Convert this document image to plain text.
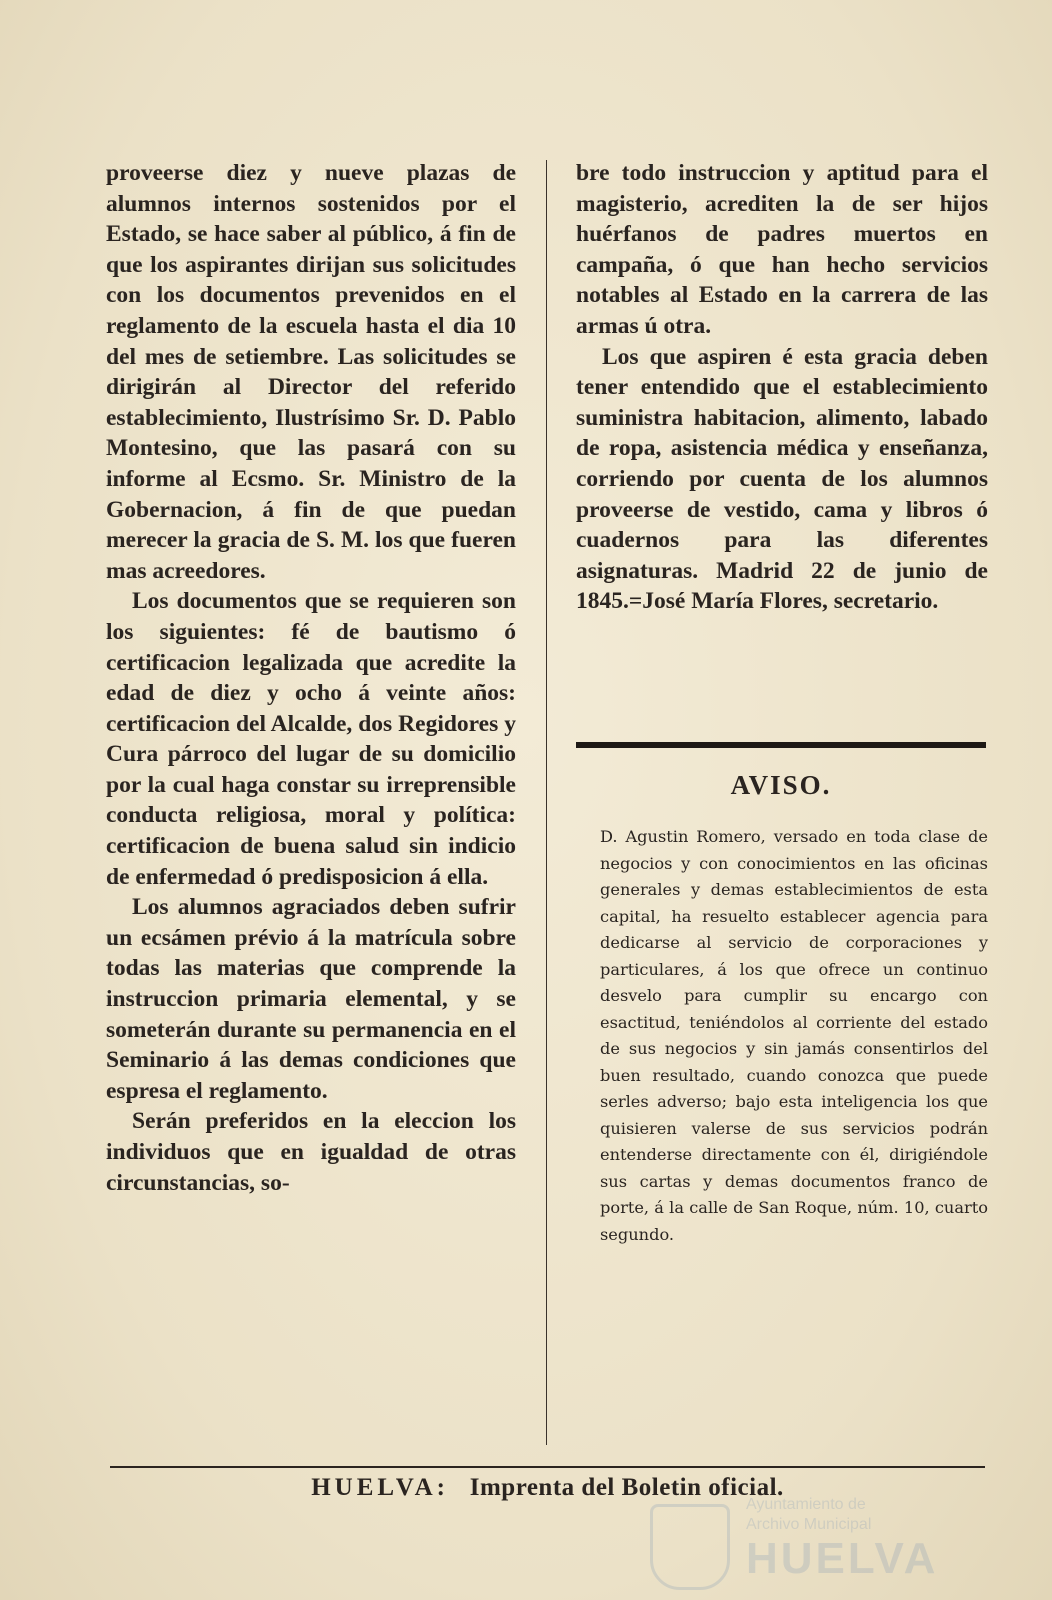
proveerse diez y nueve plazas de alumnos internos sostenidos por el Estado, se hace saber al público, á fin de que los aspirantes dirijan sus solicitudes con los documentos prevenidos en el reglamento de la escuela hasta el dia 10 del mes de setiembre. Las solicitudes se dirigirán al Director del referido establecimiento, Ilustrísimo Sr. D. Pablo Montesino, que las pasará con su informe al Ecsmo. Sr. Ministro de la Gobernacion, á fin de que puedan merecer la gracia de S. M. los que fueren mas acreedores.

Los documentos que se requieren son los siguientes: fé de bautismo ó certificacion legalizada que acredite la edad de diez y ocho á veinte años: certificacion del Alcalde, dos Regidores y Cura párroco del lugar de su domicilio por la cual haga constar su irreprensible conducta religiosa, moral y política: certificacion de buena salud sin indicio de enfermedad ó predisposicion á ella.

Los alumnos agraciados deben sufrir un ecsámen prévio á la matrícula sobre todas las materias que comprende la instruccion primaria elemental, y se someterán durante su permanencia en el Seminario á las demas condiciones que espresa el reglamento.

Serán preferidos en la eleccion los individuos que en igualdad de otras circunstancias, so-

bre todo instruccion y aptitud para el magisterio, acrediten la de ser hijos huérfanos de padres muertos en campaña, ó que han hecho servicios notables al Estado en la carrera de las armas ú otra.

Los que aspiren é esta gracia deben tener entendido que el establecimiento suministra habitacion, alimento, labado de ropa, asistencia médica y enseñanza, corriendo por cuenta de los alumnos proveerse de vestido, cama y libros ó cuadernos para las diferentes asignaturas. Madrid 22 de junio de 1845.=José María Flores, secretario.

AVISO.

D. Agustin Romero, versado en toda clase de negocios y con conocimientos en las oficinas generales y demas establecimientos de esta capital, ha resuelto establecer agencia para dedicarse al servicio de corporaciones y particulares, á los que ofrece un continuo desvelo para cumplir su encargo con esactitud, teniéndolos al corriente del estado de sus negocios y sin jamás consentirlos del buen resultado, cuando conozca que puede serles adverso; bajo esta inteligencia los que quisieren valerse de sus servicios podrán entenderse directamente con él, dirigiéndole sus cartas y demas documentos franco de porte, á la calle de San Roque, núm. 10, cuarto segundo.

HUELVA: Imprenta del Boletin oficial.
Ayuntamiento de
Archivo Municipal
HUELVA
